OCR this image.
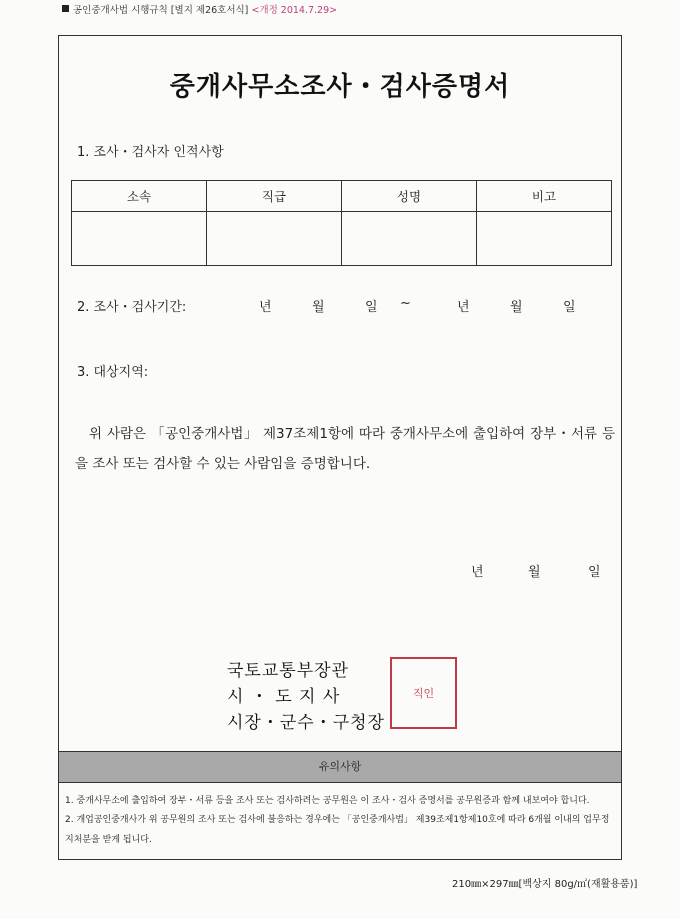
공인중개사법 시행규칙 [별지 제26호서식] <개정 2014.7.29>
중개사무소조사・검사증명서
1. 조사・검사자 인적사항
소속	직급	성명	비고

2. 조사・검사기간:	년	월	일 ~	년	월	일
3. 대상지역:
위 사람은 「공인중개사법」 제37조제1항에 따라 중개사무소에 출입하여 장부・서류 등을 조사 또는 검사할 수 있는 사람임을 증명합니다.
년	월	일
국토교통부장관
시 ・ 도 지 사
시장・군수・구청장
직인
유의사항
1. 중개사무소에 출입하여 장부・서류 등을 조사 또는 검사하려는 공무원은 이 조사・검사 증명서를 공무원증과 함께 내보여야 합니다.
2. 개업공인중개사가 위 공무원의 조사 또는 검사에 불응하는 경우에는 「공인중개사법」 제39조제1항제10호에 따라 6개월 이내의 업무정지처분을 받게 됩니다.
210㎜×297㎜[백상지 80g/㎡(재활용품)]
